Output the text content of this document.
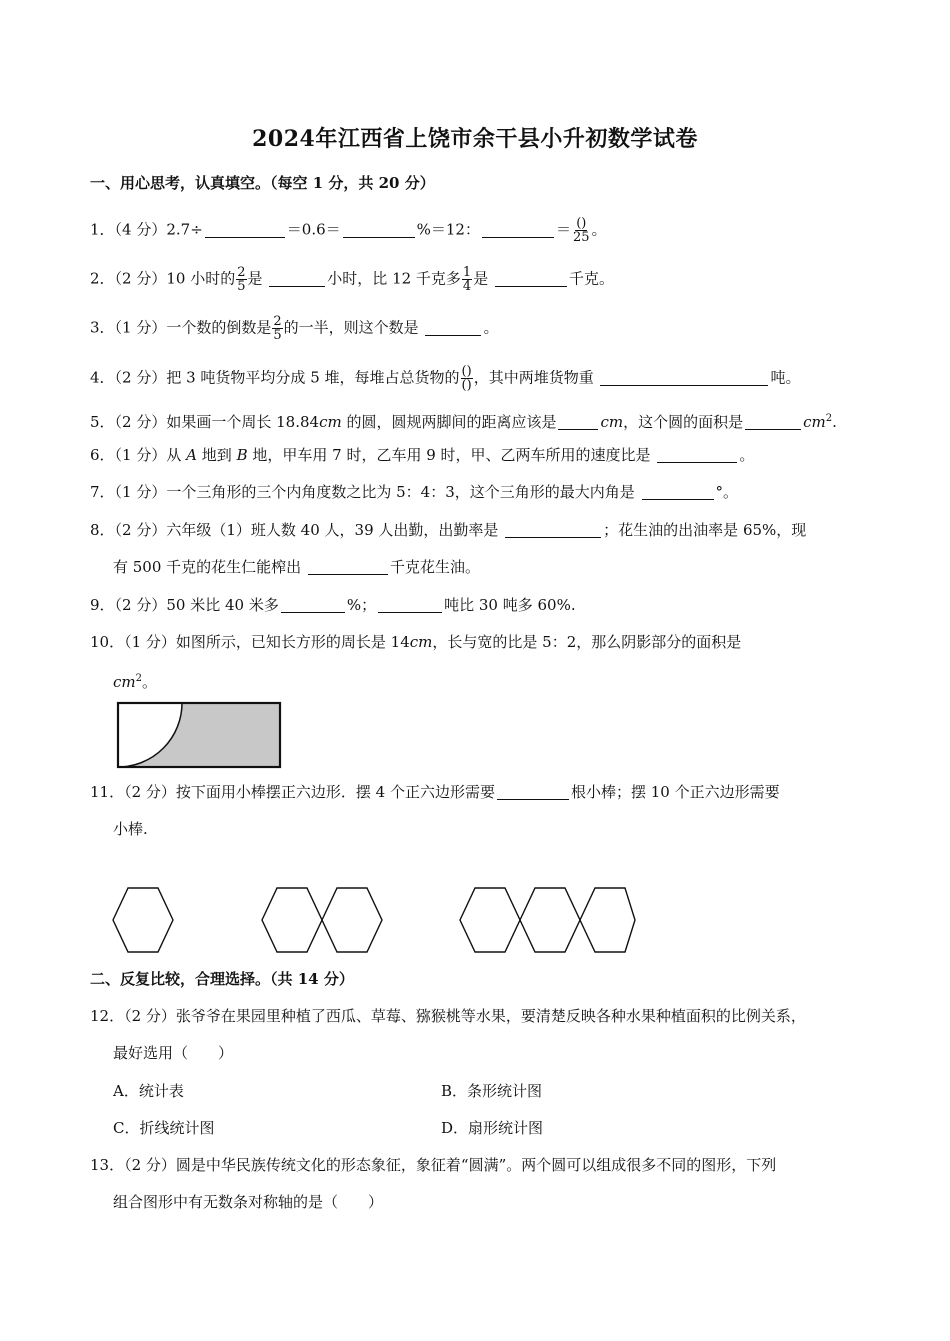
2024年江西省上饶市余干县小升初数学试卷
一、用心思考，认真填空。（每空 1 分，共 20 分）
1．（4 分）2.7÷	＝0.6＝	%＝12：	＝ $\frac{()}{25}$ 。
2．（2 分）10 小时的 $\frac{2}{5}$ 是	小时，比 12 千克多 $\frac{1}{4}$ 是	千克。
3．（1 分）一个数的倒数是 $\frac{2}{5}$ 的一半，则这个数是	。
4．（2 分）把 3 吨货物平均分成 5 堆，每堆占总货物的 $\frac{()}{()}$ ，其中两堆货物重	吨。
5．（2 分）如果画一个周长 18.84cm 的圆，圆规两脚间的距离应该是	cm，这个圆的面积是	$cm^2$.
6．（1 分）从 A 地到 B 地，甲车用 7 时，乙车用 9 时，甲、乙两车所用的速度比是	。
7．（1 分）一个三角形的三个内角度数之比为 5：4：3，这个三角形的最大内角是	°。
8．（2 分）六年级（1）班人数 40 人，39 人出勤，出勤率是	；花生油的出油率是 65%，现
有 500 千克的花生仁能榨出	千克花生油。
9．（2 分）50 米比 40 米多	%；	吨比 30 吨多 60%.
10．（1 分）如图所示，已知长方形的周长是 14cm，长与宽的比是 5：2，那么阴影部分的面积是
$cm^2$。
11．（2 分）按下面用小棒摆正六边形．摆 4 个正六边形需要	根小棒；摆 10 个正六边形需要
小棒.
二、反复比较，合理选择。（共 14 分）
12．（2 分）张爷爷在果园里种植了西瓜、草莓、猕猴桃等水果，要清楚反映各种水果种植面积的比例关系，
最好选用（　　）
A．统计表	B．条形统计图
C．折线统计图	D．扇形统计图
13．（2 分）圆是中华民族传统文化的形态象征，象征着“圆满”。两个圆可以组成很多不同的图形，下列
组合图形中有无数条对称轴的是（　　）
